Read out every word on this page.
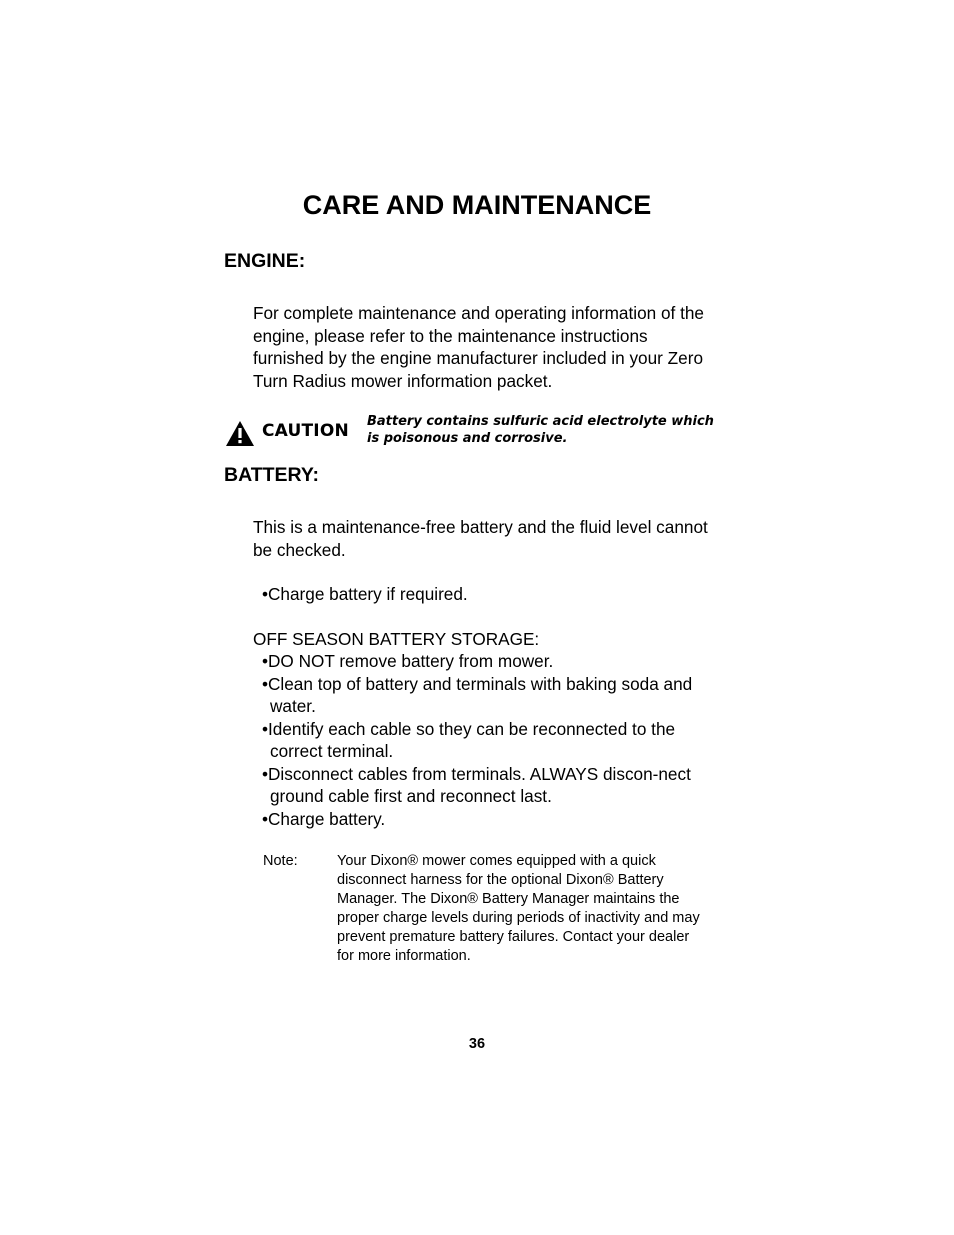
CARE AND MAINTENANCE
ENGINE:

For complete maintenance and operating information of the engine, please refer to the maintenance instructions furnished by the engine manufacturer included in your Zero Turn Radius mower information packet.

CAUTION Battery contains sulfuric acid electrolyte which is poisonous and corrosive.
BATTERY:

This is a maintenance-free battery and the fluid level cannot be checked.

•Charge battery if required.

OFF SEASON BATTERY STORAGE:

•DO NOT remove battery from mower.
•Clean top of battery and terminals with baking soda and water.
•Identify each cable so they can be reconnected to the correct terminal.
•Disconnect cables from terminals. ALWAYS discon-nect ground cable first and reconnect last.
•Charge battery.
Note:	Your Dixon® mower comes equipped with a quick disconnect harness for the optional Dixon® Battery Manager. The Dixon® Battery Manager maintains the proper charge levels during periods of inactivity and may prevent premature battery failures. Contact your dealer for more information.
36
